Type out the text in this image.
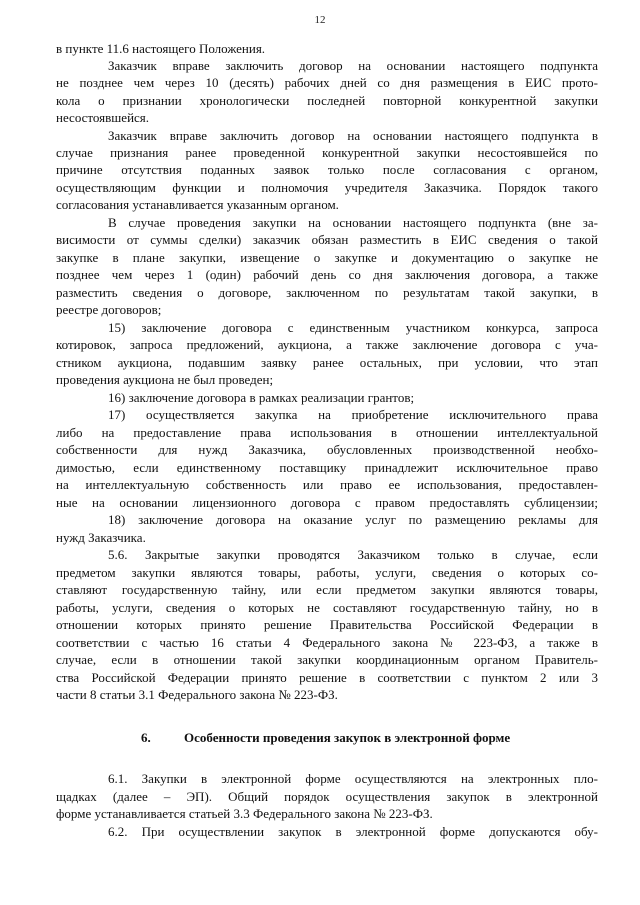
12
в пункте 11.6 настоящего Положения.
Заказчик вправе заключить договор на основании настоящего подпункта
не позднее чем через 10 (десять) рабочих дней со дня размещения в ЕИС прото-
кола о признании хронологически последней повторной конкурентной закупки
несостоявшейся.
Заказчик вправе заключить договор на основании настоящего подпункта в
случае признания ранее проведенной конкурентной закупки несостоявшейся по
причине отсутствия поданных заявок только после согласования с органом,
осуществляющим функции и полномочия учредителя Заказчика. Порядок такого
согласования устанавливается указанным органом.
В случае проведения закупки на основании настоящего подпункта (вне за-
висимости от суммы сделки) заказчик обязан разместить в ЕИС сведения о такой
закупке в плане закупки, извещение о закупке и документацию о закупке не
позднее чем через 1 (один) рабочий день со дня заключения договора, а также
разместить сведения о договоре, заключенном по результатам такой закупки, в
реестре договоров;
15) заключение договора с единственным участником конкурса, запроса
котировок, запроса предложений, аукциона, а также заключение договора с уча-
стником аукциона, подавшим заявку ранее остальных, при условии, что этап
проведения аукциона не был проведен;
16) заключение договора в рамках реализации грантов;
17) осуществляется закупка на приобретение исключительного права
либо на предоставление права использования в отношении интеллектуальной
собственности для нужд Заказчика, обусловленных производственной необхо-
димостью, если единственному поставщику принадлежит исключительное право
на интеллектуальную собственность или право ее использования, предоставлен-
ные на основании лицензионного договора с правом предоставлять сублицензии;
18) заключение договора на оказание услуг по размещению рекламы для
нужд Заказчика.
5.6. Закрытые закупки проводятся Заказчиком только в случае, если
предметом закупки являются товары, работы, услуги, сведения о которых со-
ставляют государственную тайну, или если предметом закупки являются товары,
работы, услуги, сведения о которых не составляют государственную тайну, но в
отношении которых принято решение Правительства Российской Федерации в
соответствии с частью 16 статьи 4 Федерального закона № 223-ФЗ, а также в
случае, если в отношении такой закупки координационным органом Правитель-
ства Российской Федерации принято решение в соответствии с пунктом 2 или 3
части 8 статьи 3.1 Федерального закона № 223-ФЗ.
6.	Особенности проведения закупок в электронной форме
6.1. Закупки в электронной форме осуществляются на электронных пло-
щадках (далее – ЭП). Общий порядок осуществления закупок в электронной
форме устанавливается статьей 3.3 Федерального закона № 223-ФЗ.
6.2. При осуществлении закупок в электронной форме допускаются обу-
